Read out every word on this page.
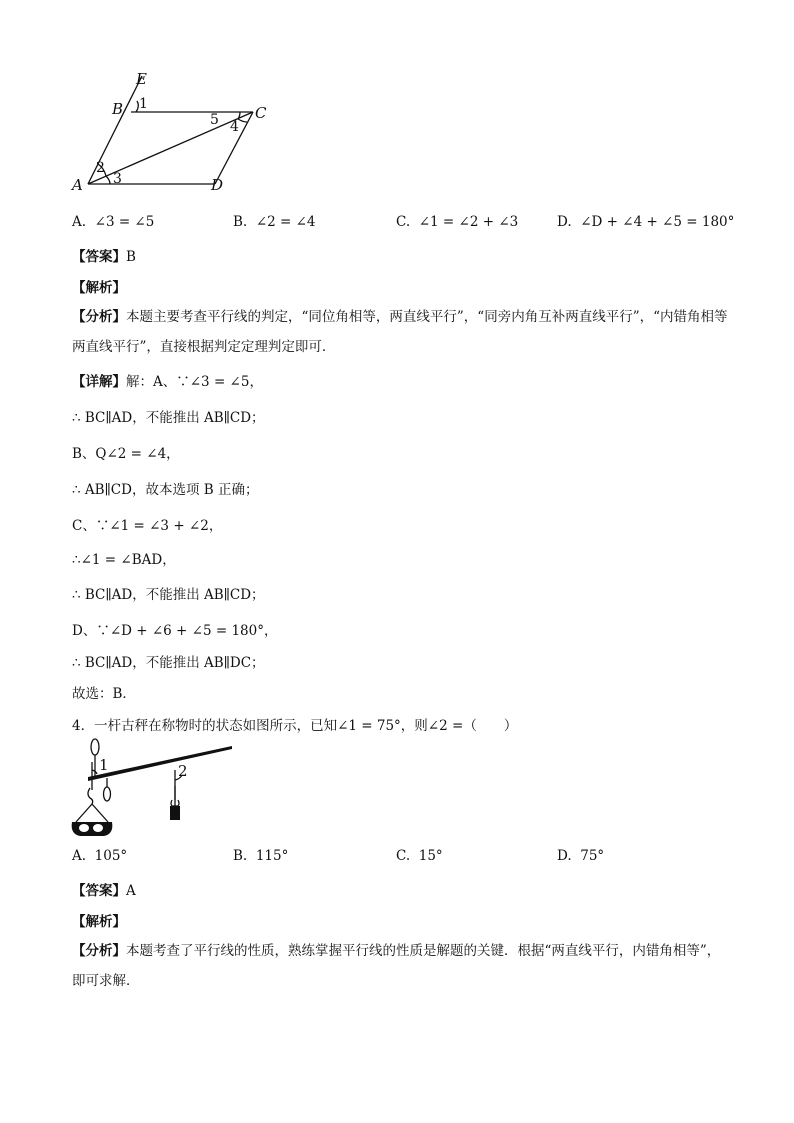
E
B	C
A	D
1
2
3
4
5
A. ∠3 = ∠5	B. ∠2 = ∠4	C. ∠1 = ∠2 + ∠3	D. ∠D + ∠4 + ∠5 = 180°
【答案】B
【解析】
【分析】本题主要考查平行线的判定，“同位角相等，两直线平行”，“同旁内角互补两直线平行”，“内错角相等两直线平行”，直接根据判定定理判定即可．
【详解】解：A、∵∠3 = ∠5，
∴ BC∥AD，不能推出 AB∥CD；
B、Q∠2 = ∠4，
∴ AB∥CD，故本选项 B 正确；
C、∵∠1 = ∠3 + ∠2，
∴∠1 = ∠BAD，
∴ BC∥AD，不能推出 AB∥CD；
D、∵∠D + ∠6 + ∠5 = 180°，
∴ BC∥AD，不能推出 AB∥DC；
故选：B．
4．一杆古秤在称物时的状态如图所示，已知∠1 = 75°，则∠2 =（　　）
1	2
A. 105°	B. 115°	C. 15°	D. 75°
【答案】A
【解析】
【分析】本题考查了平行线的性质，熟练掌握平行线的性质是解题的关键．根据“两直线平行，内错角相等”，即可求解．
